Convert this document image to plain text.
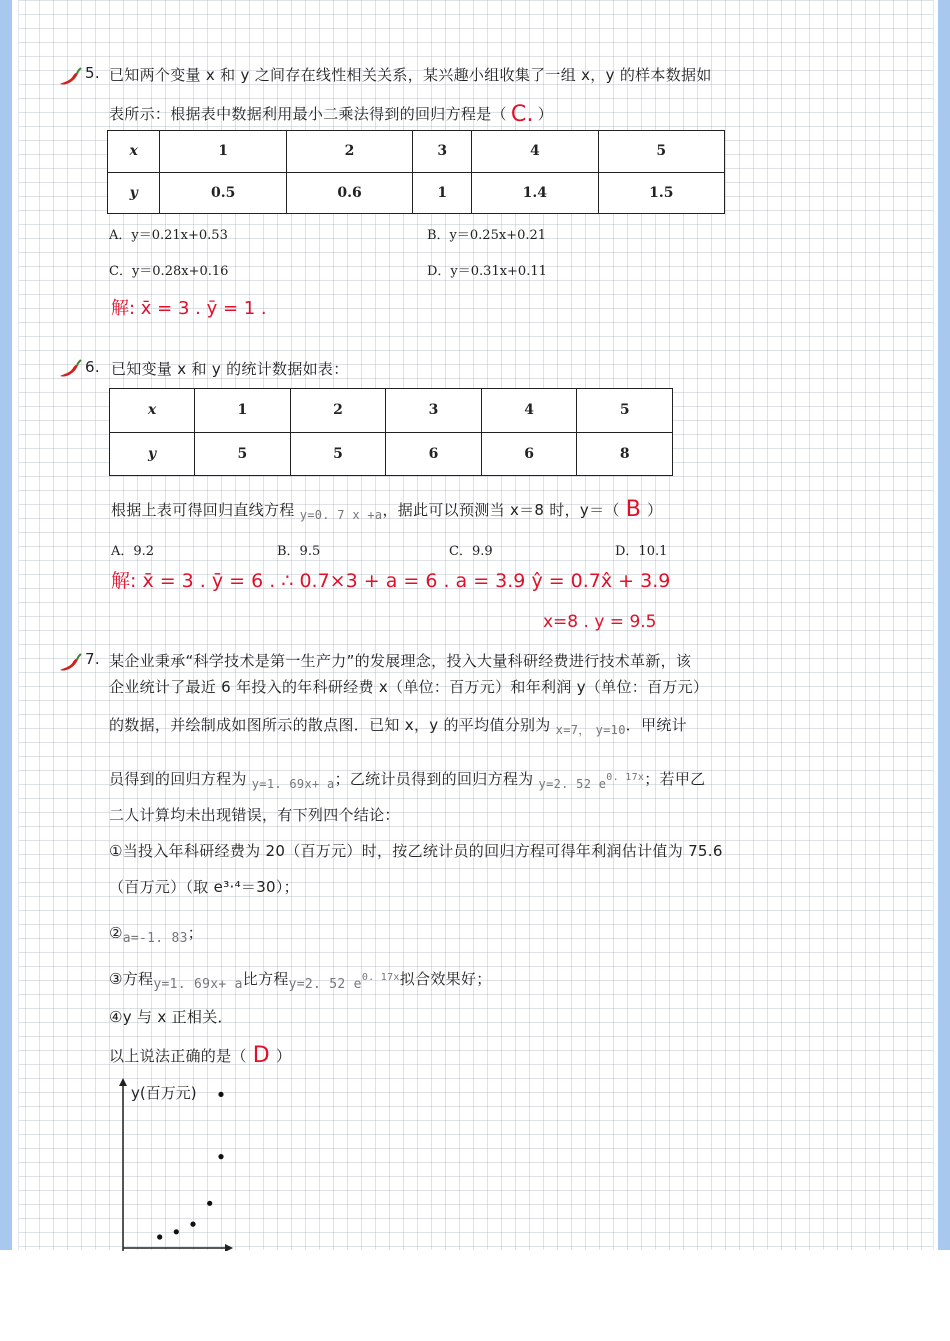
5. 已知两个变量 x 和 y 之间存在线性相关关系，某兴趣小组收集了一组 x，y 的样本数据如
表所示：根据表中数据利用最小二乘法得到的回归方程是（ C. ）
x	1	2	3	4	5
y	0.5	0.6	1	1.4	1.5
A．y＝0.21x+0.53	B．y＝0.25x+0.21
C．y＝0.28x+0.16	D．y＝0.31x+0.11
解: x̄ = 3 . ȳ = 1 .
6. 已知变量 x 和 y 的统计数据如表：
x	1	2	3	4	5
y	5	5	6	6	8
根据上表可得回归直线方程 $_{y=0. 7 x +a}$，据此可以预测当 x＝8 时，y＝（ B ）
A．9.2	B．9.5	C．9.9	D．10.1
解: x̄ = 3 . ȳ = 6 . ∴ 0.7×3 + a = 6 . a = 3.9 ŷ = 0.7x̂ + 3.9
x=8 . y = 9.5
7. 某企业秉承“科学技术是第一生产力”的发展理念，投入大量科研经费进行技术革新，该
企业统计了最近 6 年投入的年科研经费 x（单位：百万元）和年利润 y（单位：百万元）
的数据，并绘制成如图所示的散点图．已知 x，y 的平均值分别为 $_{x=7,}$ $_{y=10}$．甲统计
员得到的回归方程为 $_{y=1. 69x+ a}$；乙统计员得到的回归方程为 $_{y=2. 52 e}^{0. 17x}$；若甲乙
二人计算均未出现错误，有下列四个结论：
①当投入年科研经费为 20（百万元）时，按乙统计员的回归方程可得年利润估计值为 75.6
（百万元）（取 e³·⁴＝30）；
②a=-1. 83；
③方程y=1. 69x+ a比方程y=2. 52 $e^{0. 17x}$拟合效果好；
④y 与 x 正相关．
以上说法正确的是（ D ）
y(百万元)
